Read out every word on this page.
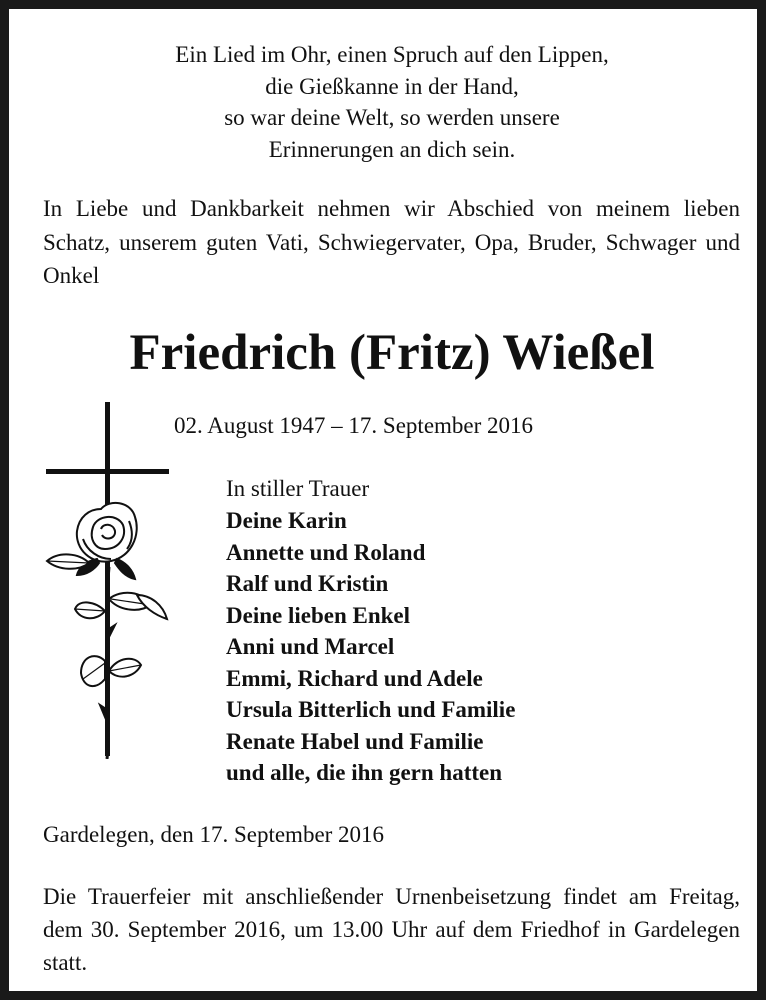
Ein Lied im Ohr, einen Spruch auf den Lippen,
die Gießkanne in der Hand,
so war deine Welt, so werden unsere
Erinnerungen an dich sein.
In Liebe und Dankbarkeit nehmen wir Abschied von meinem lieben Schatz, unserem guten Vati, Schwiegervater, Opa, Bruder, Schwager und Onkel
Friedrich (Fritz) Wießel
02. August 1947 – 17. September 2016
In stiller Trauer
Deine Karin
Annette und Roland
Ralf und Kristin
Deine lieben Enkel
Anni und Marcel
Emmi, Richard und Adele
Ursula Bitterlich und Familie
Renate Habel und Familie
und alle, die ihn gern hatten
Gardelegen, den 17. September 2016
Die Trauerfeier mit anschließender Urnenbeisetzung findet am Freitag, dem 30. September 2016, um 13.00 Uhr auf dem Friedhof in Gardelegen statt.
